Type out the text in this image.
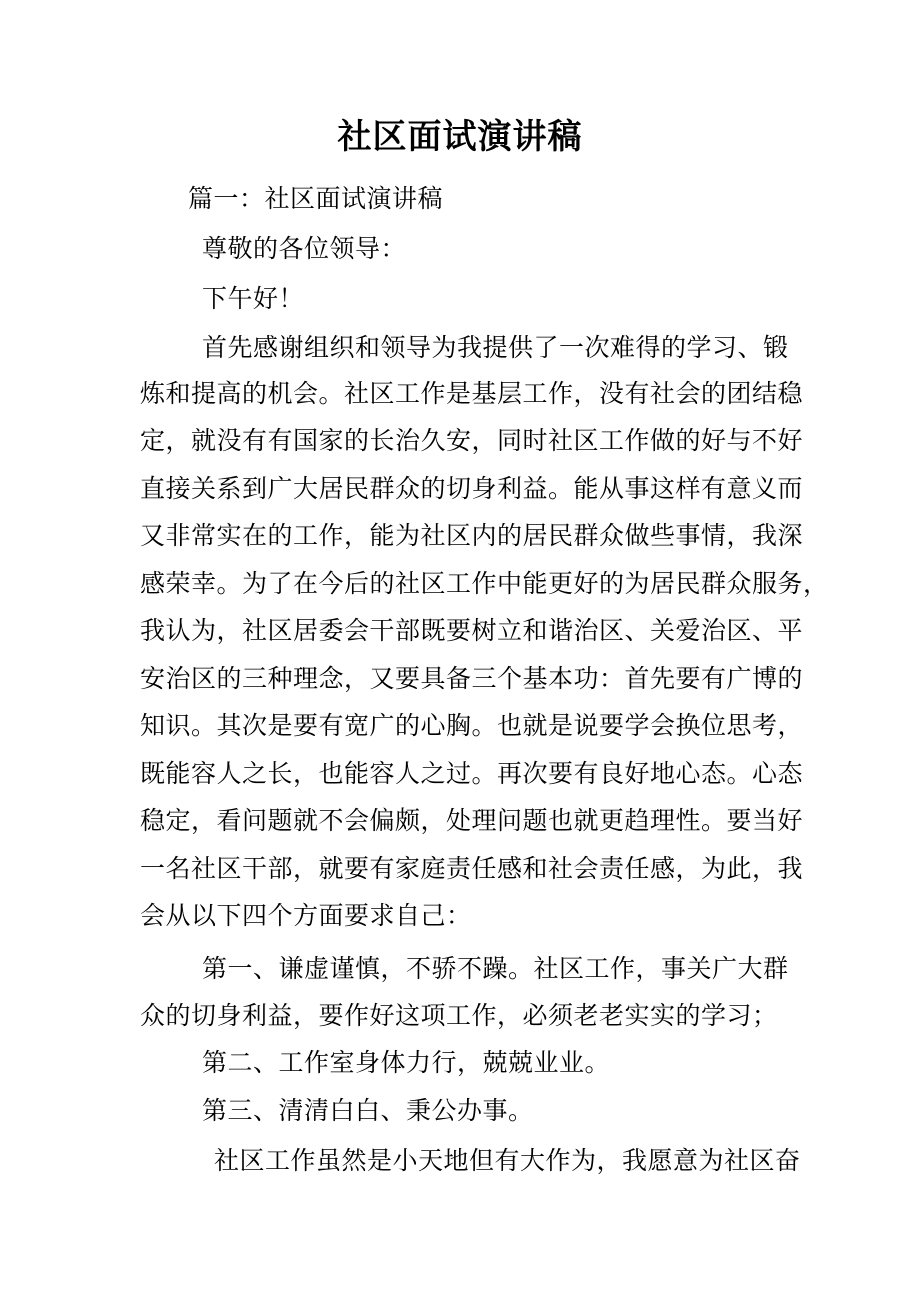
社区面试演讲稿
篇一：社区面试演讲稿
尊敬的各位领导：
下午好！
首先感谢组织和领导为我提供了一次难得的学习、锻
炼和提高的机会。社区工作是基层工作，没有社会的团结稳
定，就没有有国家的长治久安，同时社区工作做的好与不好
直接关系到广大居民群众的切身利益。能从事这样有意义而
又非常实在的工作，能为社区内的居民群众做些事情，我深
感荣幸。为了在今后的社区工作中能更好的为居民群众服务，
我认为，社区居委会干部既要树立和谐治区、关爱治区、平
安治区的三种理念，又要具备三个基本功：首先要有广博的
知识。其次是要有宽广的心胸。也就是说要学会换位思考，
既能容人之长，也能容人之过。再次要有良好地心态。心态
稳定，看问题就不会偏颇，处理问题也就更趋理性。要当好
一名社区干部，就要有家庭责任感和社会责任感，为此，我
会从以下四个方面要求自己：
第一、谦虚谨慎，不骄不躁。社区工作，事关广大群
众的切身利益，要作好这项工作，必须老老实实的学习；
第二、工作室身体力行，兢兢业业。
第三、清清白白、秉公办事。
社区工作虽然是小天地但有大作为，我愿意为社区奋
